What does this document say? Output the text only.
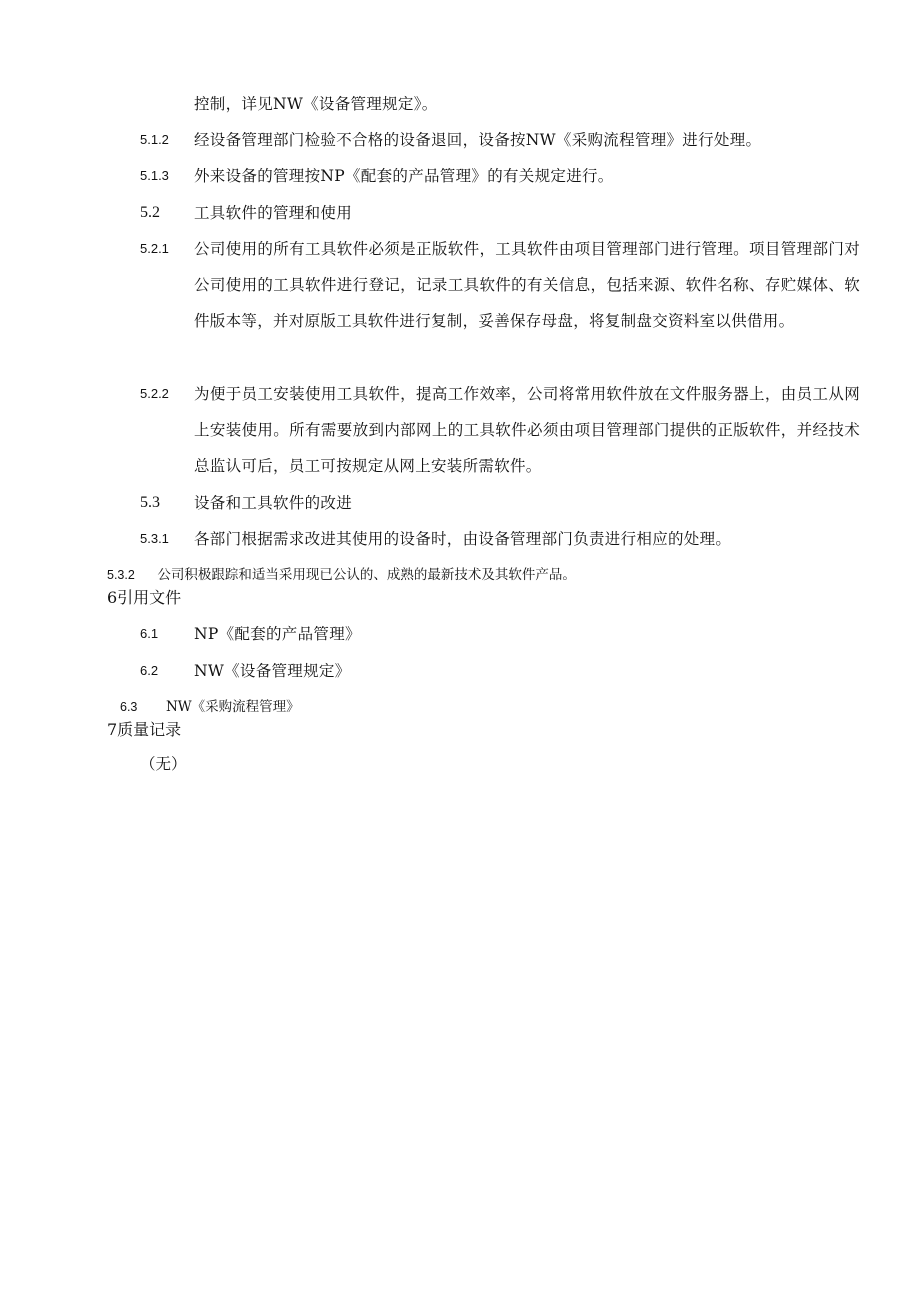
控制，详见NW《设备管理规定》。
5.1.2 经设备管理部门检验不合格的设备退回，设备按NW《采购流程管理》进行处理。
5.1.3 外来设备的管理按NP《配套的产品管理》的有关规定进行。
5.2 工具软件的管理和使用
5.2.1 公司使用的所有工具软件必须是正版软件，工具软件由项目管理部门进行管理。项目管理部门对公司使用的工具软件进行登记，记录工具软件的有关信息，包括来源、软件名称、存贮媒体、软件版本等，并对原版工具软件进行复制，妥善保存母盘，将复制盘交资料室以供借用。
5.2.2 为便于员工安装使用工具软件，提高工作效率，公司将常用软件放在文件服务器上，由员工从网上安装使用。所有需要放到内部网上的工具软件必须由项目管理部门提供的正版软件，并经技术总监认可后，员工可按规定从网上安装所需软件。
5.3 设备和工具软件的改进
5.3.1 各部门根据需求改进其使用的设备时，由设备管理部门负责进行相应的处理。
5.3.2 公司积极跟踪和适当采用现已公认的、成熟的最新技术及其软件产品。
6引用文件
6.1 NP《配套的产品管理》
6.2 NW《设备管理规定》
6.3 NW《采购流程管理》
7质量记录
（无）
